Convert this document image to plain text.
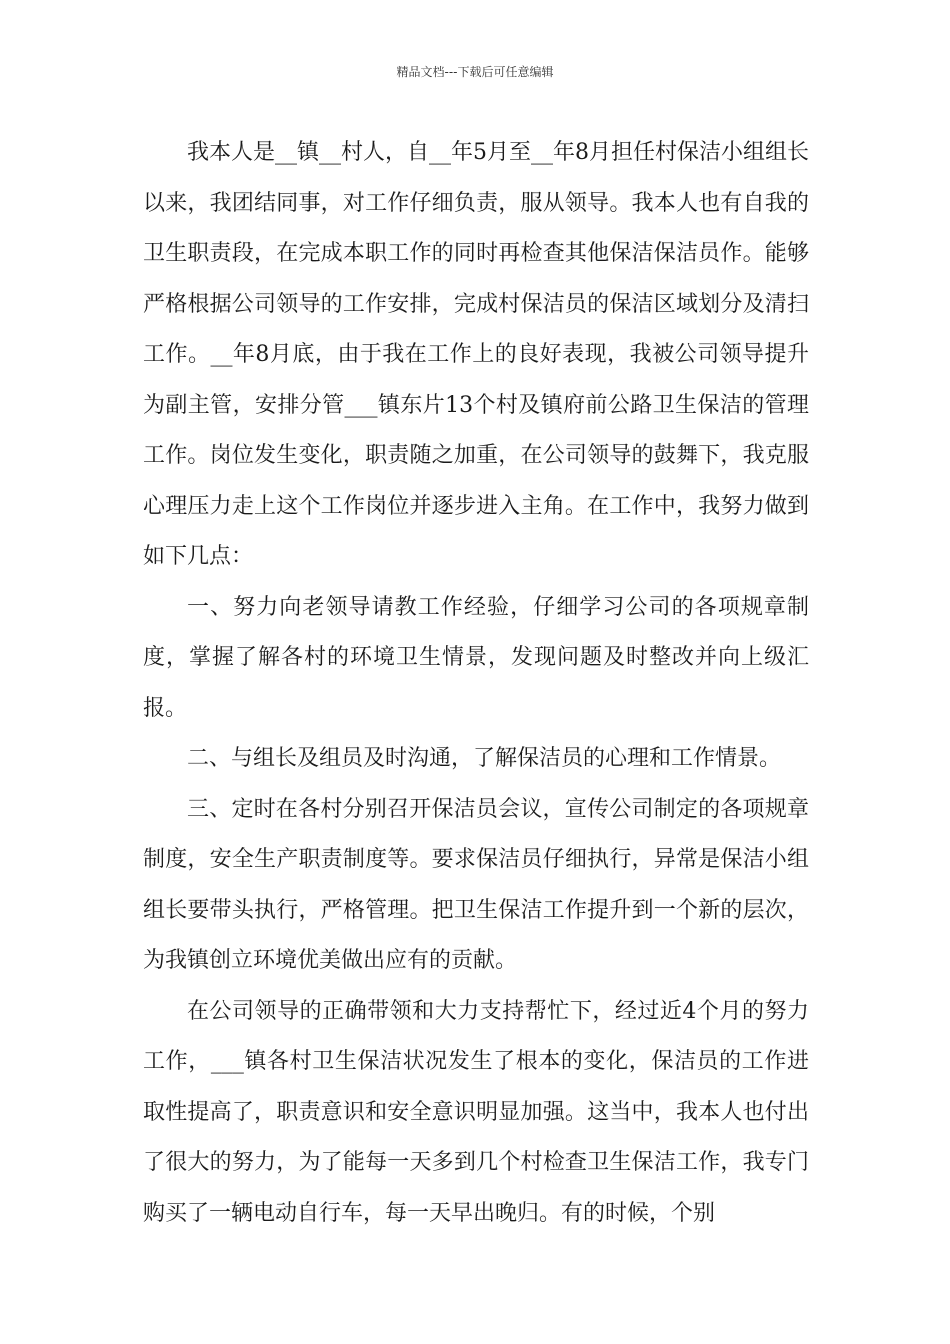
精品文档---下载后可任意编辑

我本人是__镇__村人，自__年5月至__年8月担任村保洁小组组长以来，我团结同事，对工作仔细负责，服从领导。我本人也有自我的卫生职责段，在完成本职工作的同时再检查其他保洁保洁员作。能够严格根据公司领导的工作安排，完成村保洁员的保洁区域划分及清扫工作。__年8月底，由于我在工作上的良好表现，我被公司领导提升为副主管，安排分管___镇东片13个村及镇府前公路卫生保洁的管理工作。岗位发生变化，职责随之加重，在公司领导的鼓舞下，我克服心理压力走上这个工作岗位并逐步进入主角。在工作中，我努力做到如下几点：

一、努力向老领导请教工作经验，仔细学习公司的各项规章制度，掌握了解各村的环境卫生情景，发现问题及时整改并向上级汇报。

二、与组长及组员及时沟通，了解保洁员的心理和工作情景。

三、定时在各村分别召开保洁员会议，宣传公司制定的各项规章制度，安全生产职责制度等。要求保洁员仔细执行，异常是保洁小组组长要带头执行，严格管理。把卫生保洁工作提升到一个新的层次，为我镇创立环境优美做出应有的贡献。

在公司领导的正确带领和大力支持帮忙下，经过近4个月的努力工作，___镇各村卫生保洁状况发生了根本的变化，保洁员的工作进取性提高了，职责意识和安全意识明显加强。这当中，我本人也付出了很大的努力，为了能每一天多到几个村检查卫生保洁工作，我专门购买了一辆电动自行车，每一天早出晚归。有的时候，个别
